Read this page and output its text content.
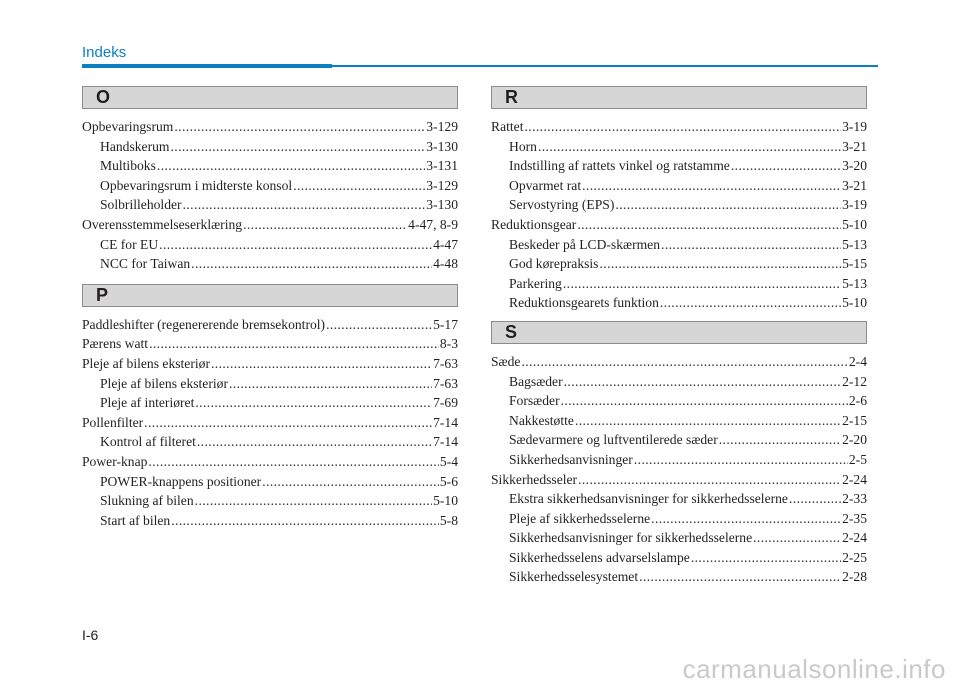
Indeks
O
Opbevaringsrum .....	3-129
Handskerum .....	3-130
Multiboks .....	3-131
Opbevaringsrum i midterste konsol .....	3-129
Solbrilleholder .....	3-130
Overensstemmelseserklæring .....	4-47, 8-9
CE for EU .....	4-47
NCC for Taiwan .....	4-48
P
Paddleshifter (regenererende bremsekontrol) .....	5-17
Pærens watt .....	8-3
Pleje af bilens eksteriør .....	7-63
Pleje af bilens eksteriør .....	7-63
Pleje af interiøret .....	7-69
Pollenfilter .....	7-14
Kontrol af filteret .....	7-14
Power-knap .....	5-4
POWER-knappens positioner .....	5-6
Slukning af bilen .....	5-10
Start af bilen .....	5-8
R
Rattet .....	3-19
Horn .....	3-21
Indstilling af rattets vinkel og ratstamme .....	3-20
Opvarmet rat .....	3-21
Servostyring (EPS) .....	3-19
Reduktionsgear .....	5-10
Beskeder på LCD-skærmen .....	5-13
God kørepraksis .....	5-15
Parkering .....	5-13
Reduktionsgearets funktion .....	5-10
S
Sæde .....	2-4
Bagsæder .....	2-12
Forsæder .....	2-6
Nakkestøtte .....	2-15
Sædevarmere og luftventilerede sæder .....	2-20
Sikkerhedsanvisninger .....	2-5
Sikkerhedsseler .....	2-24
Ekstra sikkerhedsanvisninger for sikkerhedsselerne .....	2-33
Pleje af sikkerhedsselerne .....	2-35
Sikkerhedsanvisninger for sikkerhedsselerne .....	2-24
Sikkerhedsselens advarselslampe .....	2-25
Sikkerhedsselesystemet .....	2-28
I-6
carmanualsonline.info
